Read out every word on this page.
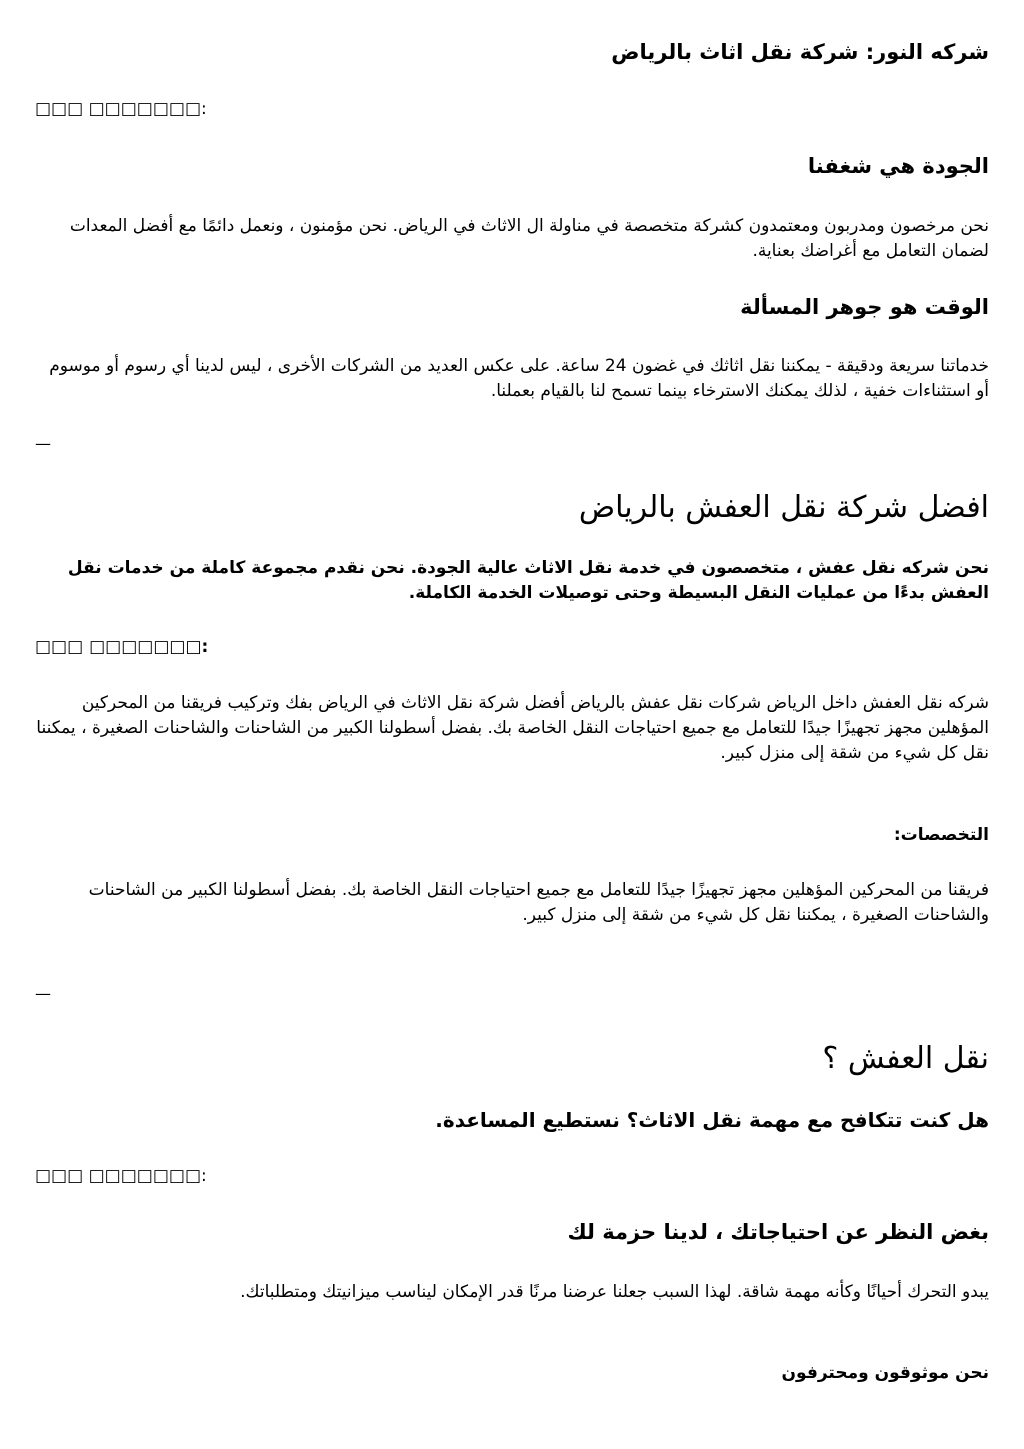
شركه النور: شركة نقل اثاث بالرياض

□□□ □□□□□□□:

الجودة هي شغفنا

نحن مرخصون ومدربون ومعتمدون كشركة متخصصة في مناولة ال الاثاث في الرياض. نحن مؤمنون ، ونعمل دائمًا مع أفضل المعدات لضمان التعامل مع أغراضك بعناية.

الوقت هو جوهر المسألة

خدماتنا سريعة ودقيقة - يمكننا نقل اثاثك في غضون 24 ساعة. على عكس العديد من الشركات الأخرى ، ليس لدينا أي رسوم أو موسوم أو استثناءات خفية ، لذلك يمكنك الاسترخاء بينما تسمح لنا بالقيام بعملنا.

—
افضل شركة نقل العفش بالرياض

نحن شركه نقل عفش ، متخصصون في خدمة نقل الاثاث عالية الجودة. نحن نقدم مجموعة كاملة من خدمات نقل العفش بدءًا من عمليات النقل البسيطة وحتى توصيلات الخدمة الكاملة.

□□□ □□□□□□□:

شركه نقل العفش داخل الرياض شركات نقل عفش بالرياض أفضل شركة نقل الاثاث في الرياض بفك وتركيب فريقنا من المحركين المؤهلين مجهز تجهيزًا جيدًا للتعامل مع جميع احتياجات النقل الخاصة بك. بفضل أسطولنا الكبير من الشاحنات والشاحنات الصغيرة ، يمكننا نقل كل شيء من شقة إلى منزل كبير.

التخصصات:

فريقنا من المحركين المؤهلين مجهز تجهيزًا جيدًا للتعامل مع جميع احتياجات النقل الخاصة بك. بفضل أسطولنا الكبير من الشاحنات والشاحنات الصغيرة ، يمكننا نقل كل شيء من شقة إلى منزل كبير.

—
نقل العفش ؟
هل كنت تتكافح مع مهمة نقل الاثاث؟ نستطيع المساعدة.

□□□ □□□□□□□:

بغض النظر عن احتياجاتك ، لدينا حزمة لك

يبدو التحرك أحيانًا وكأنه مهمة شاقة. لهذا السبب جعلنا عرضنا مرنًا قدر الإمكان ليناسب ميزانيتك ومتطلباتك.

نحن موثوقون ومحترفون
